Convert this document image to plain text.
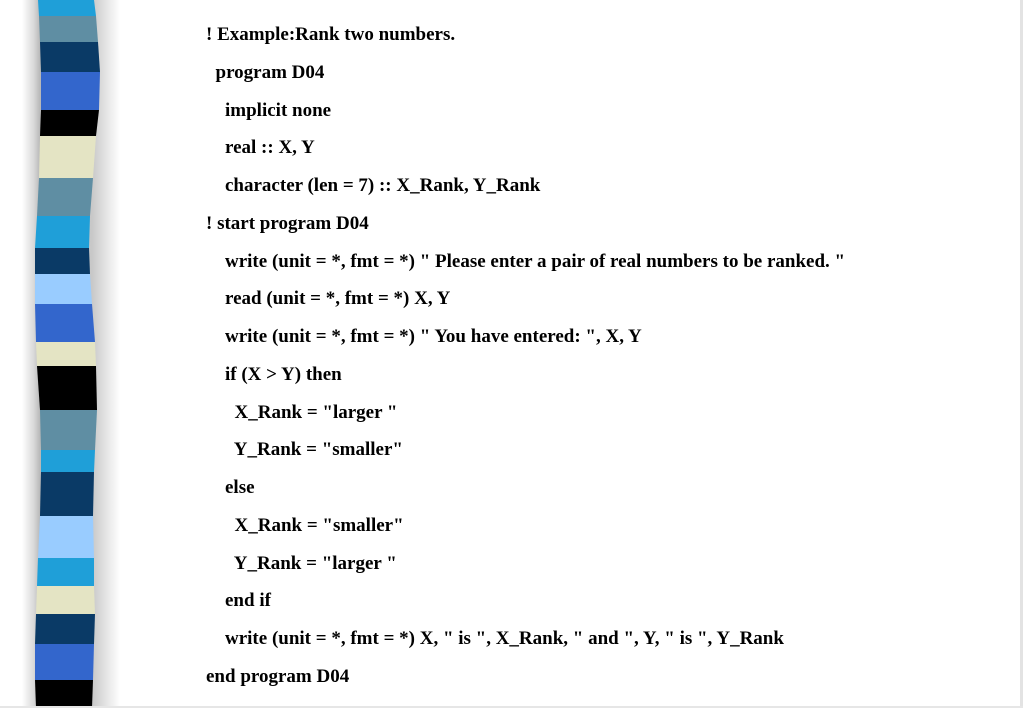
! Example:Rank two numbers.
program D04
implicit none
real :: X, Y
character (len = 7) :: X_Rank, Y_Rank
! start program D04
write (unit = *, fmt = *) " Please enter a pair of real numbers to be ranked. "
read (unit = *, fmt = *) X, Y
write (unit = *, fmt = *) " You have entered: ", X, Y
if (X > Y) then
X_Rank = "larger "
Y_Rank = "smaller"
else
X_Rank = "smaller"
Y_Rank = "larger "
end if
write (unit = *, fmt = *) X, " is ", X_Rank, " and ", Y, " is ", Y_Rank
end program D04
